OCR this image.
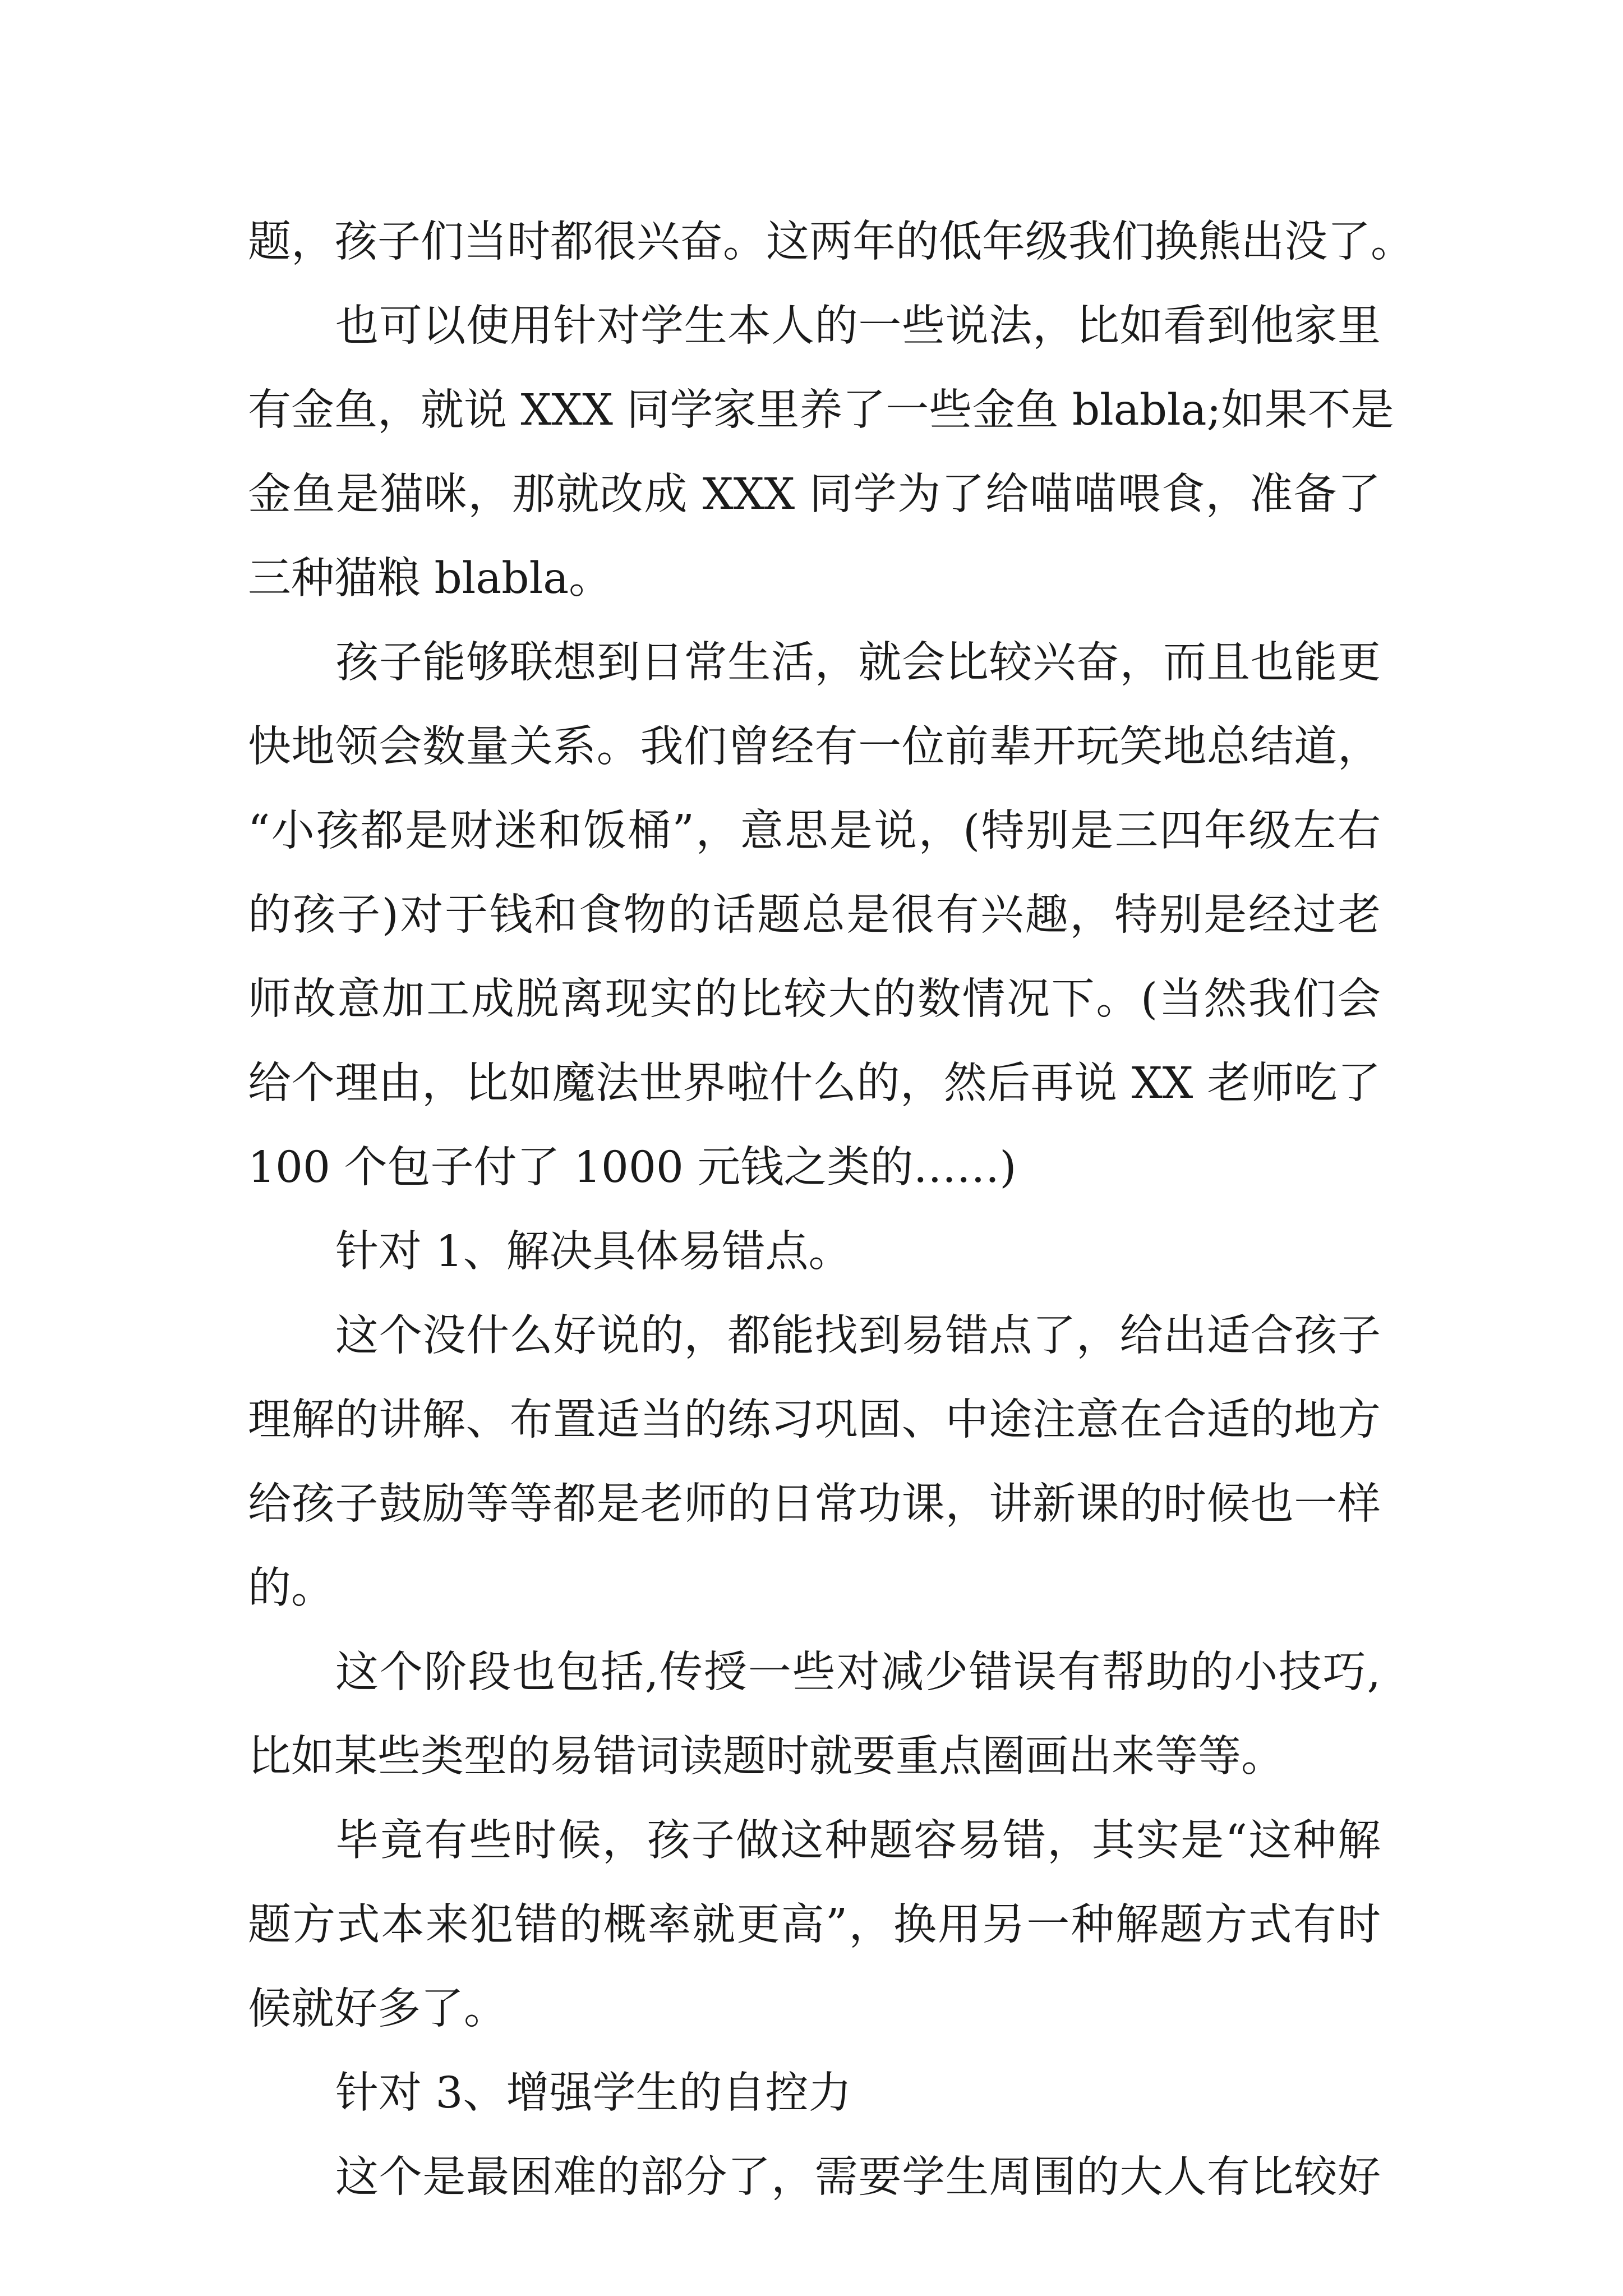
题，孩子们当时都很兴奋。这两年的低年级我们换熊出没了。
也可以使用针对学生本人的一些说法，比如看到他家里
有金鱼，就说 XXX 同学家里养了一些金鱼 blabla;如果不是
金鱼是猫咪，那就改成 XXX 同学为了给喵喵喂食，准备了
三种猫粮 blabla。
孩子能够联想到日常生活，就会比较兴奋，而且也能更
快地领会数量关系。我们曾经有一位前辈开玩笑地总结道，
“小孩都是财迷和饭桶”，意思是说，(特别是三四年级左右
的孩子)对于钱和食物的话题总是很有兴趣，特别是经过老
师故意加工成脱离现实的比较大的数情况下。(当然我们会
给个理由，比如魔法世界啦什么的，然后再说 XX 老师吃了
100 个包子付了 1000 元钱之类的……)
针对 1、解决具体易错点。
这个没什么好说的，都能找到易错点了，给出适合孩子
理解的讲解、布置适当的练习巩固、中途注意在合适的地方
给孩子鼓励等等都是老师的日常功课，讲新课的时候也一样
的。
这个阶段也包括,传授一些对减少错误有帮助的小技巧,
比如某些类型的易错词读题时就要重点圈画出来等等。
毕竟有些时候，孩子做这种题容易错，其实是“这种解
题方式本来犯错的概率就更高”，换用另一种解题方式有时
候就好多了。
针对 3、增强学生的自控力
这个是最困难的部分了，需要学生周围的大人有比较好
